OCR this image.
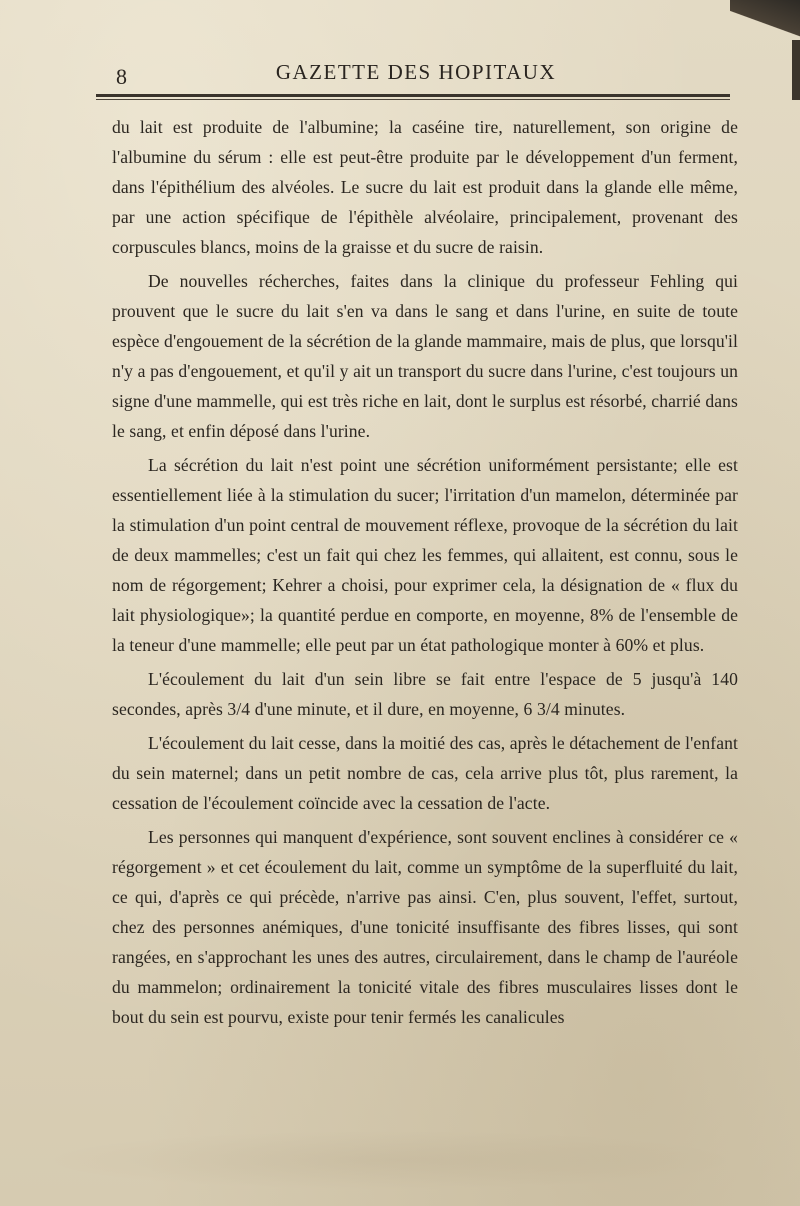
8	GAZETTE DES HOPITAUX

du lait est produite de l'albumine; la caséine tire, naturellement, son origine de l'albumine du sérum : elle est peut-être produite par le développement d'un ferment, dans l'épithélium des alvéoles. Le sucre du lait est produit dans la glande elle même, par une action spécifique de l'épithèle alvéolaire, principalement, provenant des corpuscules blancs, moins de la graisse et du sucre de raisin.

De nouvelles récherches, faites dans la clinique du professeur Fehling qui prouvent que le sucre du lait s'en va dans le sang et dans l'urine, en suite de toute espèce d'engouement de la sécrétion de la glande mammaire, mais de plus, que lorsqu'il n'y a pas d'engouement, et qu'il y ait un transport du sucre dans l'urine, c'est toujours un signe d'une mammelle, qui est très riche en lait, dont le surplus est résorbé, charrié dans le sang, et enfin déposé dans l'urine.

La sécrétion du lait n'est point une sécrétion uniformément persistante; elle est essentiellement liée à la stimulation du sucer; l'irritation d'un mamelon, déterminée par la stimulation d'un point central de mouvement réflexe, provoque de la sécrétion du lait de deux mammelles; c'est un fait qui chez les femmes, qui allaitent, est connu, sous le nom de régorgement; Kehrer a choisi, pour exprimer cela, la désignation de « flux du lait physiologique»; la quantité perdue en comporte, en moyenne, 8% de l'ensemble de la teneur d'une mammelle; elle peut par un état pathologique monter à 60% et plus.

L'écoulement du lait d'un sein libre se fait entre l'espace de 5 jusqu'à 140 secondes, après 3/4 d'une minute, et il dure, en moyenne, 6 3/4 minutes.

L'écoulement du lait cesse, dans la moitié des cas, après le détachement de l'enfant du sein maternel; dans un petit nombre de cas, cela arrive plus tôt, plus rarement, la cessation de l'écoulement coïncide avec la cessation de l'acte.

Les personnes qui manquent d'expérience, sont souvent enclines à considérer ce « régorgement » et cet écoulement du lait, comme un symptôme de la superfluité du lait, ce qui, d'après ce qui précède, n'arrive pas ainsi. C'en, plus souvent, l'effet, surtout, chez des personnes anémiques, d'une tonicité insuffisante des fibres lisses, qui sont rangées, en s'approchant les unes des autres, circulairement, dans le champ de l'auréole du mammelon; ordinairement la tonicité vitale des fibres musculaires lisses dont le bout du sein est pourvu, existe pour tenir fermés les canalicules
